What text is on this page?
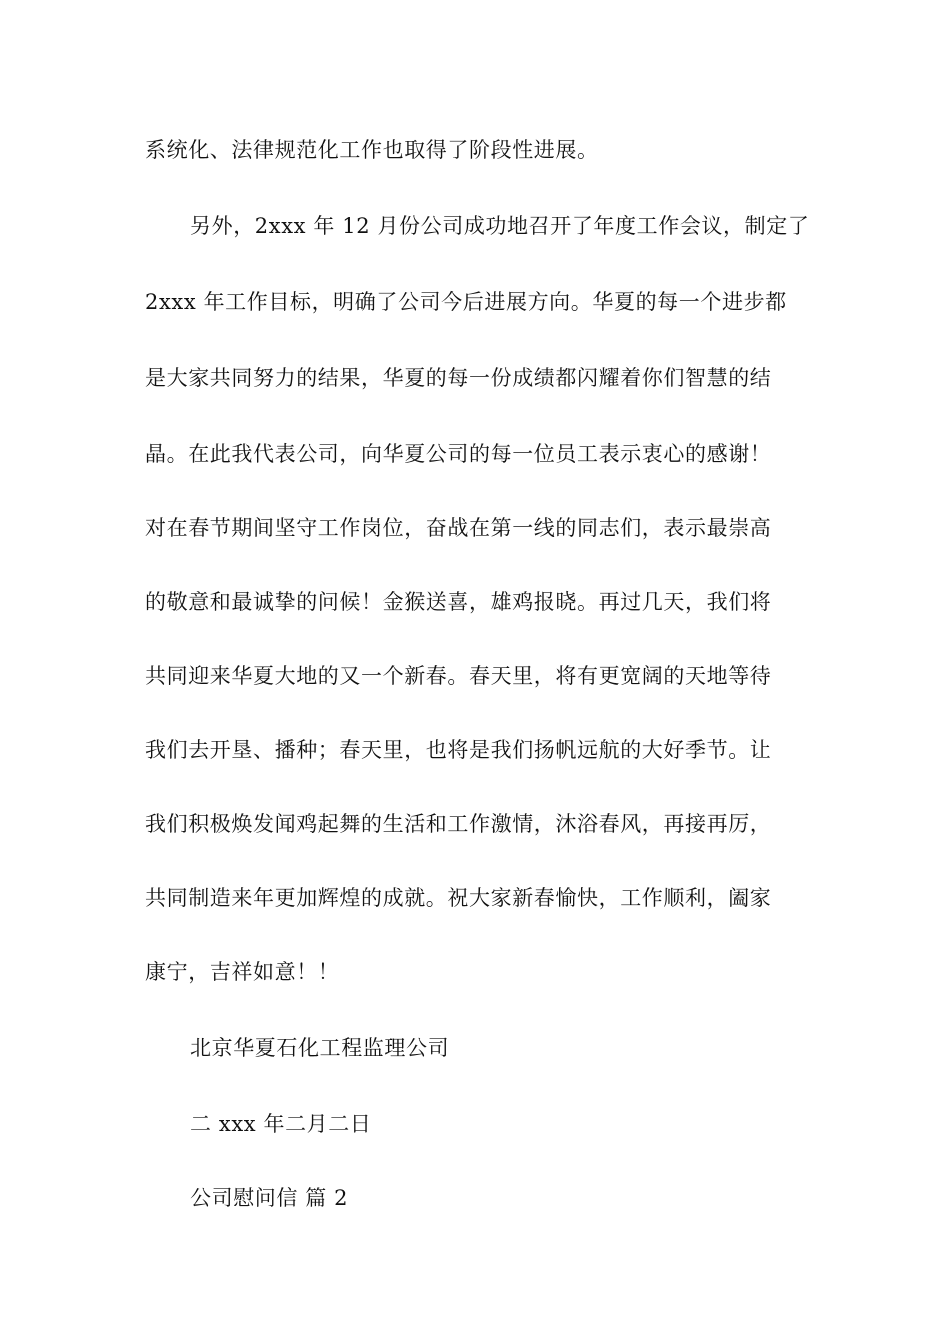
系统化、法律规范化工作也取得了阶段性进展。
另外，2xxx 年 12 月份公司成功地召开了年度工作会议，制定了
2xxx 年工作目标，明确了公司今后进展方向。华夏的每一个进步都
是大家共同努力的结果，华夏的每一份成绩都闪耀着你们智慧的结
晶。在此我代表公司，向华夏公司的每一位员工表示衷心的感谢！
对在春节期间坚守工作岗位，奋战在第一线的同志们，表示最崇高
的敬意和最诚挚的问候！金猴送喜，雄鸡报晓。再过几天，我们将
共同迎来华夏大地的又一个新春。春天里，将有更宽阔的天地等待
我们去开垦、播种；春天里，也将是我们扬帆远航的大好季节。让
我们积极焕发闻鸡起舞的生活和工作激情，沐浴春风，再接再厉，
共同制造来年更加辉煌的成就。祝大家新春愉快，工作顺利，阖家
康宁，吉祥如意！！
北京华夏石化工程监理公司
二 xxx 年二月二日
公司慰问信 篇 2
